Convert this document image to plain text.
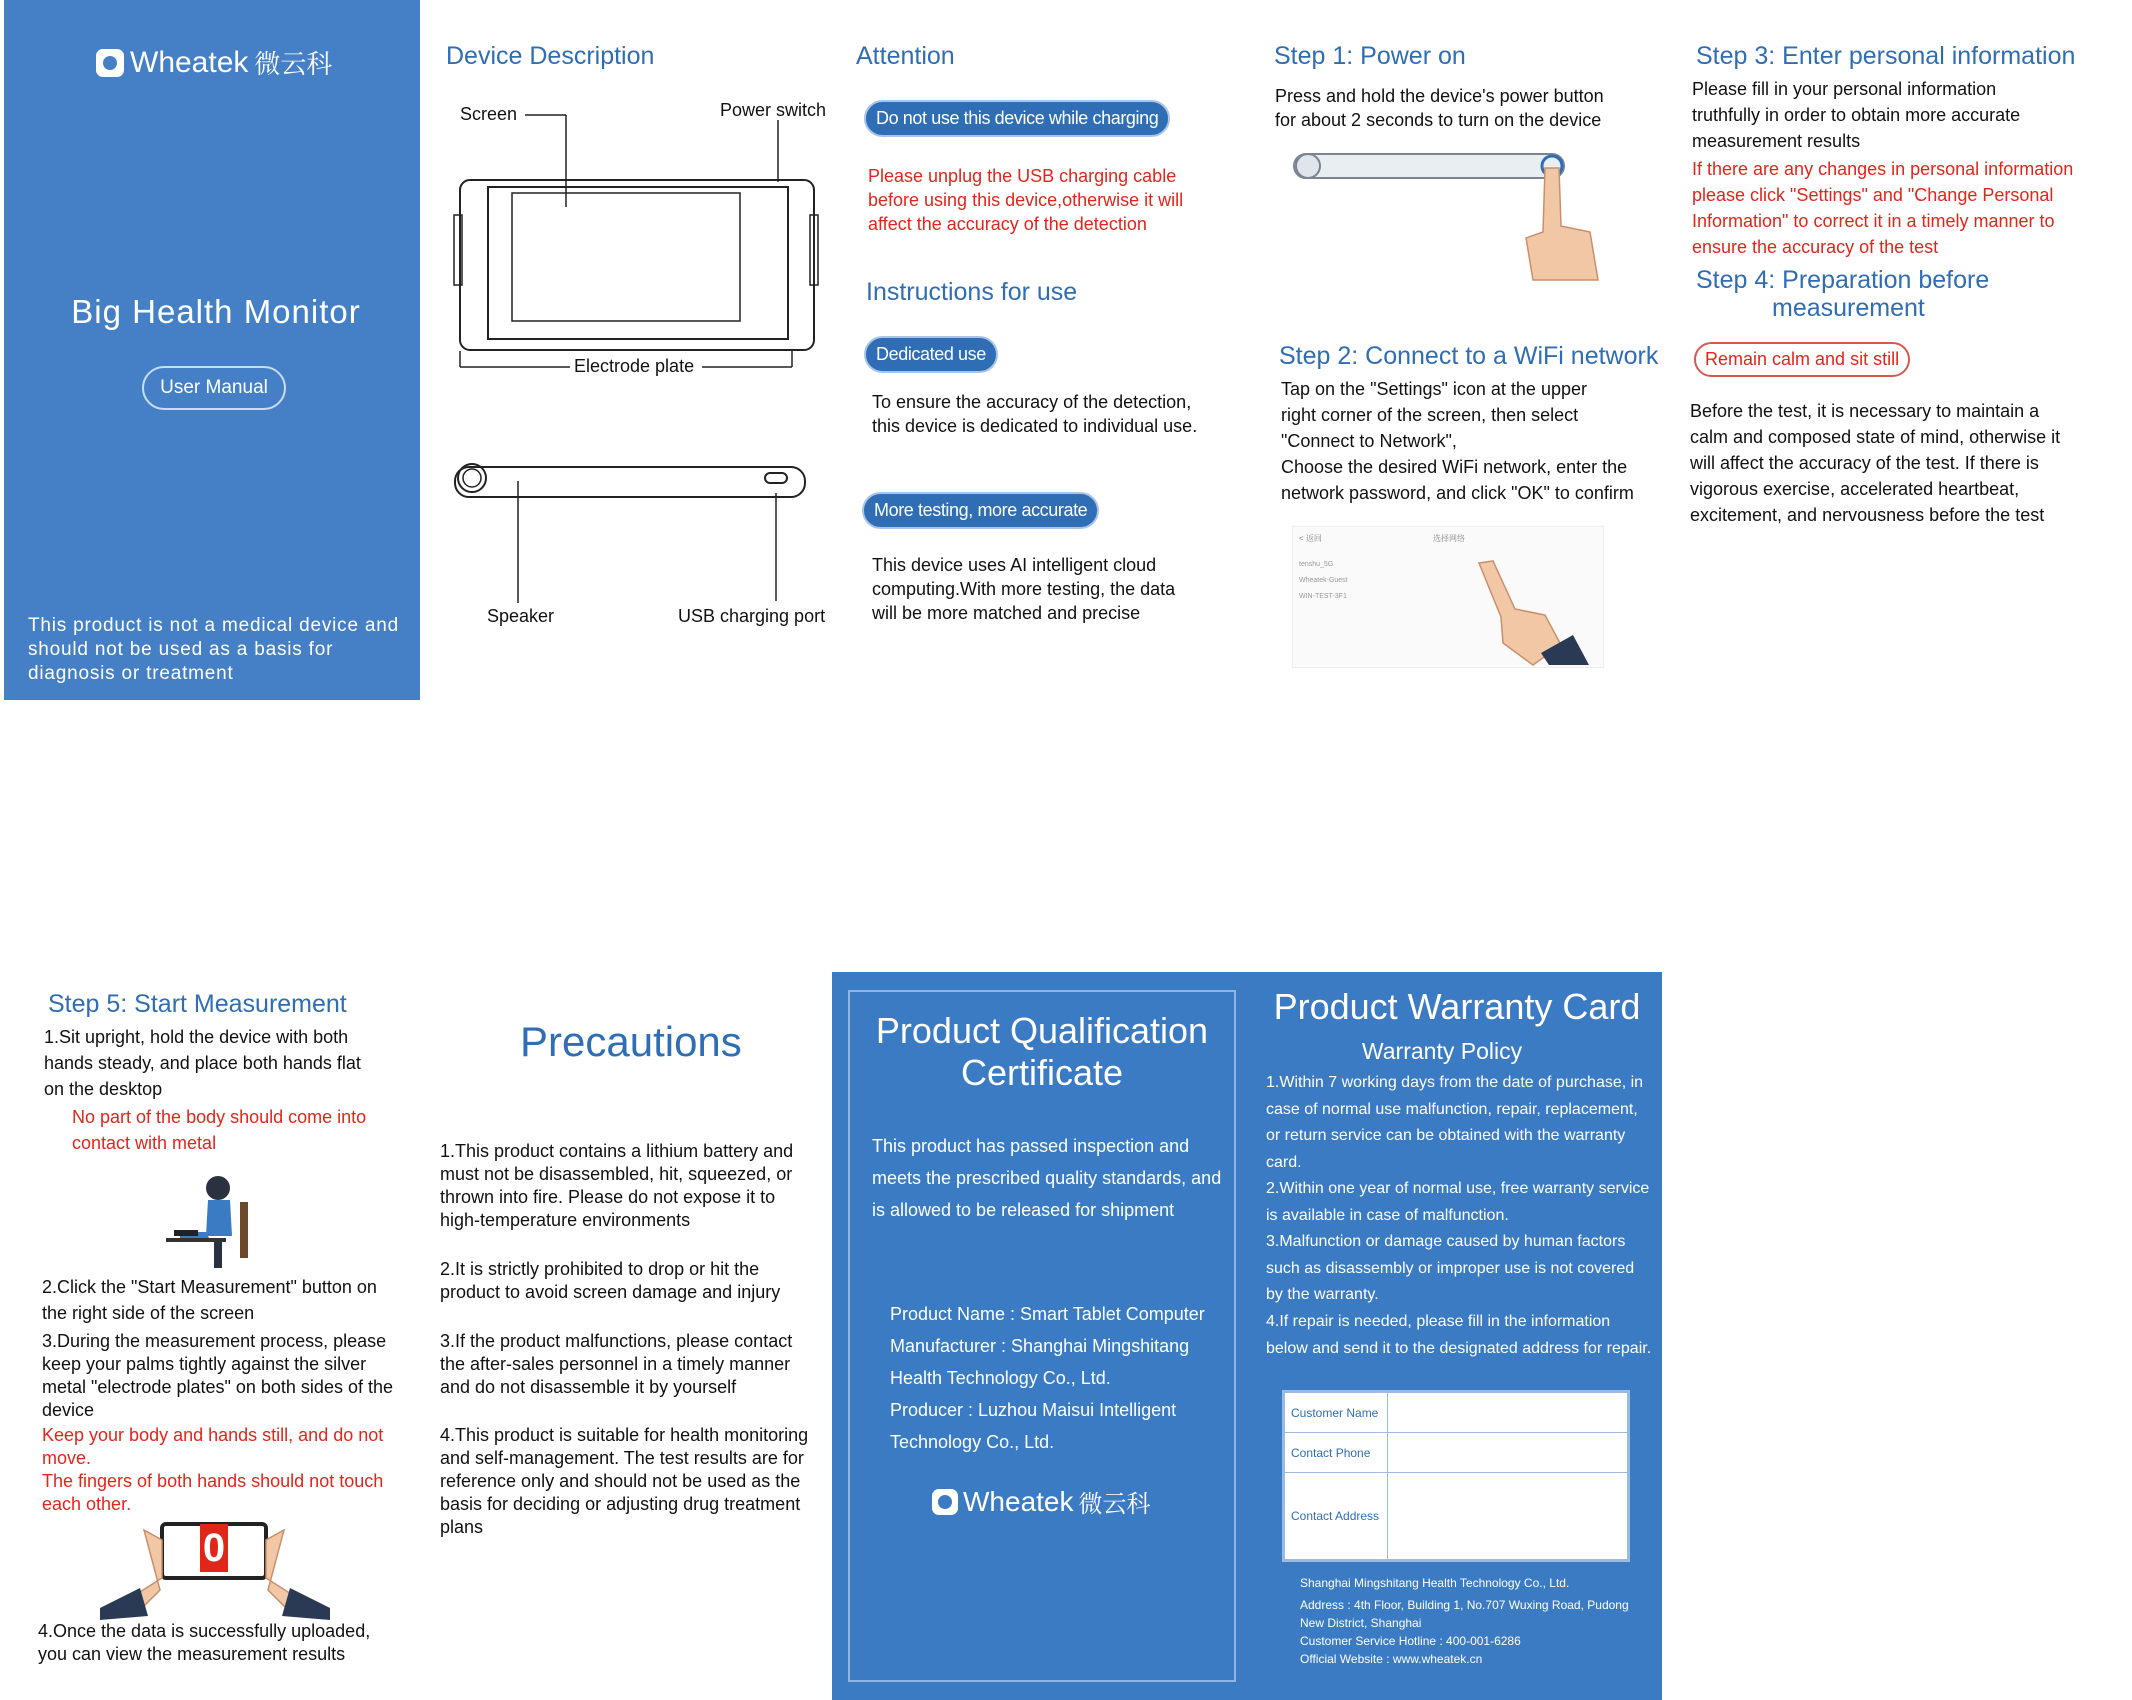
Wheatek 微云科
Big Health Monitor
User Manual
This product is not a medical device and should not be used as a basis for diagnosis or treatment
Device Description
Screen	Power switch
Electrode plate
Speaker	USB charging port
Attention
Do not use this device while charging
Please unplug the USB charging cable before using this device,otherwise it will affect the accuracy of the detection
Instructions for use
Dedicated use
To ensure the accuracy of the detection, this device is dedicated to individual use.
More testing, more accurate
This device uses AI intelligent cloud computing.With more testing, the data will be more matched and precise
Step 1: Power on
Press and hold the device's power button for about 2 seconds to turn on the device
Step 2: Connect to a WiFi network
Tap on the "Settings" icon at the upper right corner of the screen, then select "Connect to Network",
Choose the desired WiFi network, enter the network password, and click "OK" to confirm
< 返回	选择网络
tenshu_5G
Wheatek-Guest
WIN-TEST-3F1
Step 3: Enter personal information
Please fill in your personal information truthfully in order to obtain more accurate measurement results
If there are any changes in personal information please click "Settings" and "Change Personal Information" to correct it in a timely manner to ensure the accuracy of the test
Step 4: Preparation before
measurement
Remain calm and sit still
Before the test, it is necessary to maintain a calm and composed state of mind, otherwise it will affect the accuracy of the test. If there is vigorous exercise, accelerated heartbeat, excitement, and nervousness before the test
Step 5: Start Measurement
1.Sit upright, hold the device with both hands steady, and place both hands flat on the desktop
No part of the body should come into contact with metal
2.Click the "Start Measurement" button on the right side of the screen
3.During the measurement process, please keep your palms tightly against the silver metal "electrode plates" on both sides of the device
Keep your body and hands still, and do not move.
The fingers of both hands should not touch each other.
0
4.Once the data is successfully uploaded, you can view the measurement results
Precautions
1.This product contains a lithium battery and must not be disassembled, hit, squeezed, or thrown into fire. Please do not expose it to high-temperature environments
2.It is strictly prohibited to drop or hit the product to avoid screen damage and injury
3.If the product malfunctions, please contact the after-sales personnel in a timely manner and do not disassemble it by yourself
4.This product is suitable for health monitoring and self-management. The test results are for reference only and should not be used as the basis for deciding or adjusting drug treatment plans
Product Qualification
Certificate
This product has passed inspection and meets the prescribed quality standards, and is allowed to be released for shipment
Product Name : Smart Tablet Computer
Manufacturer : Shanghai Mingshitang Health Technology Co., Ltd.
Producer : Luzhou Maisui Intelligent Technology Co., Ltd.
Wheatek 微云科
Product Warranty Card
Warranty Policy
1.Within 7 working days from the date of purchase, in case of normal use malfunction, repair, replacement, or return service can be obtained with the warranty card.
2.Within one year of normal use, free warranty service is available in case of malfunction.
3.Malfunction or damage caused by human factors such as disassembly or improper use is not covered by the warranty.
4.If repair is needed, please fill in the information below and send it to the designated address for repair.
Customer Name	
Contact Phone	
Contact Address	
Shanghai Mingshitang Health Technology Co., Ltd.
Address : 4th Floor, Building 1, No.707 Wuxing Road, Pudong New District, Shanghai
Customer Service Hotline : 400-001-6286
Official Website : www.wheatek.cn
